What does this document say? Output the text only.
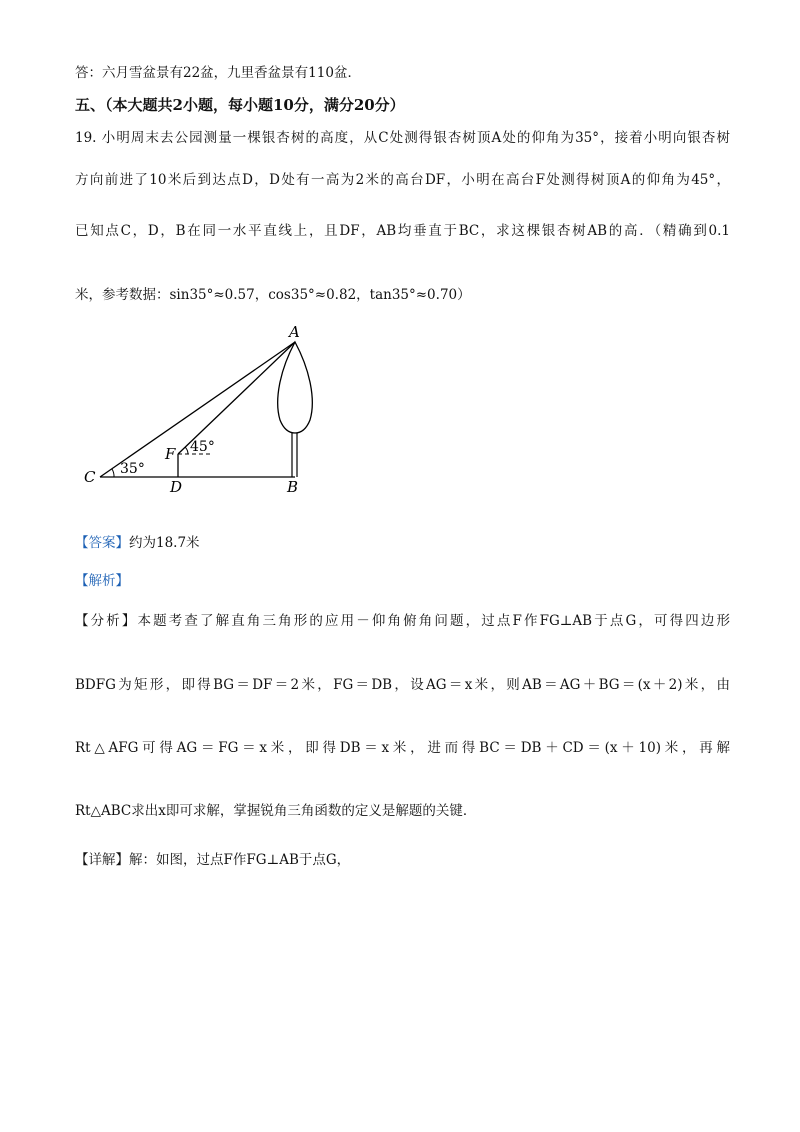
答：六月雪盆景有22盆，九里香盆景有110盆．
五、（本大题共2小题，每小题10分，满分20分）
19. 小明周末去公园测量一棵银杏树的高度，从C处测得银杏树顶A处的仰角为35°，接着小明向银杏树
方向前进了10米后到达点D，D处有一高为2米的高台DF，小明在高台F处测得树顶A的仰角为45°，
已知点C，D，B在同一水平直线上，且DF，AB均垂直于BC，求这棵银杏树AB的高．（精确到0.1
米，参考数据：sin35°≈0.57，cos35°≈0.82，tan35°≈0.70）
A
C
D	B
F
35°
45°
【答案】约为18.7米
【解析】
【分析】本题考查了解直角三角形的应用－仰角俯角问题，过点F作FG⊥AB于点G，可得四边形
BDFG为矩形，即得BG＝DF＝2米，FG＝DB，设AG＝x米，则AB＝AG＋BG＝(x＋2)米，由
Rt△AFG可得AG＝FG＝x米，即得DB＝x米，进而得BC＝DB＋CD＝(x＋10)米，再解
Rt△ABC求出x即可求解，掌握锐角三角函数的定义是解题的关键．
【详解】解：如图，过点F作FG⊥AB于点G，
